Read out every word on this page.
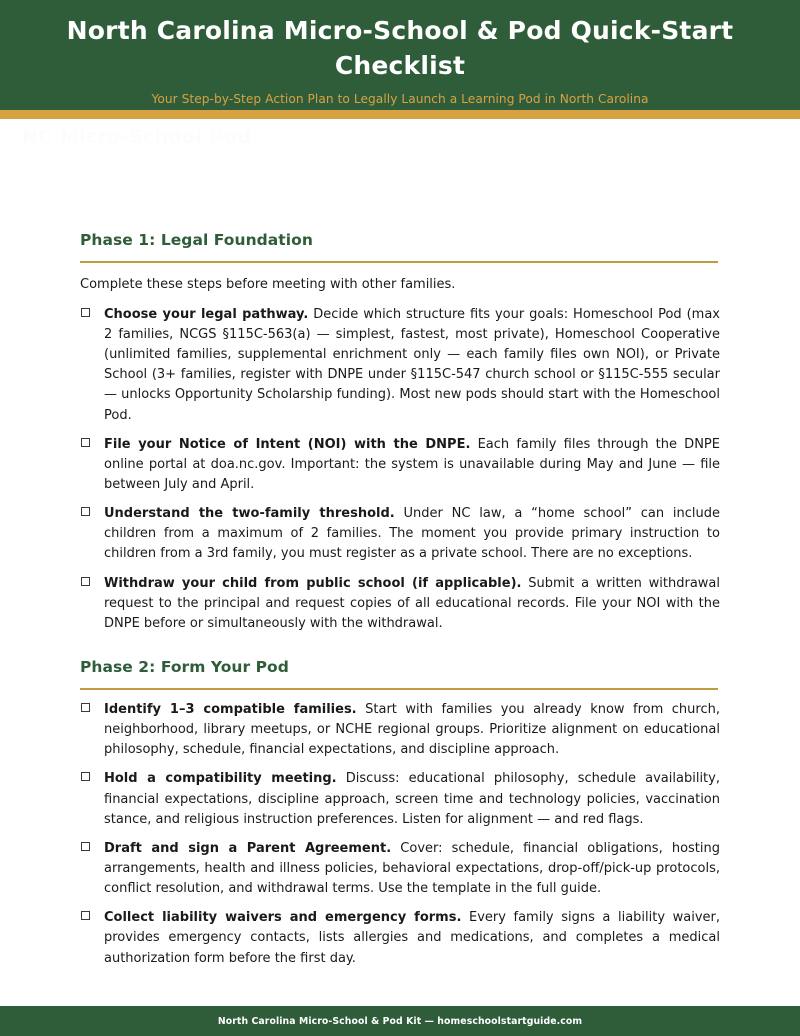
North Carolina Micro-School & Pod Quick-Start Checklist

Your Step-by-Step Action Plan to Legally Launch a Learning Pod in North Carolina

NC Micro-School Pod
Phase 1: Legal Foundation

Complete these steps before meeting with other families.

Choose your legal pathway. Decide which structure fits your goals: Homeschool Pod (max 2 families, NCGS §115C-563(a) — simplest, fastest, most private), Homeschool Cooperative (unlimited families, supplemental enrichment only — each family files own NOI), or Private School (3+ families, register with DNPE under §115C-547 church school or §115C-555 secular — unlocks Opportunity Scholarship funding). Most new pods should start with the Homeschool Pod.
File your Notice of Intent (NOI) with the DNPE. Each family files through the DNPE online portal at doa.nc.gov. Important: the system is unavailable during May and June — file between July and April.
Understand the two-family threshold. Under NC law, a “home school” can include children from a maximum of 2 families. The moment you provide primary instruction to children from a 3rd family, you must register as a private school. There are no exceptions.
Withdraw your child from public school (if applicable). Submit a written withdrawal request to the principal and request copies of all educational records. File your NOI with the DNPE before or simultaneously with the withdrawal.
Phase 2: Form Your Pod
Identify 1–3 compatible families. Start with families you already know from church, neighborhood, library meetups, or NCHE regional groups. Prioritize alignment on educational philosophy, schedule, financial expectations, and discipline approach.
Hold a compatibility meeting. Discuss: educational philosophy, schedule availability, financial expectations, discipline approach, screen time and technology policies, vaccination stance, and religious instruction preferences. Listen for alignment — and red flags.
Draft and sign a Parent Agreement. Cover: schedule, financial obligations, hosting arrangements, health and illness policies, behavioral expectations, drop-off/pick-up protocols, conflict resolution, and withdrawal terms. Use the template in the full guide.
Collect liability waivers and emergency forms. Every family signs a liability waiver, provides emergency contacts, lists allergies and medications, and completes a medical authorization form before the first day.
North Carolina Micro-School & Pod Kit — homeschoolstartguide.com
